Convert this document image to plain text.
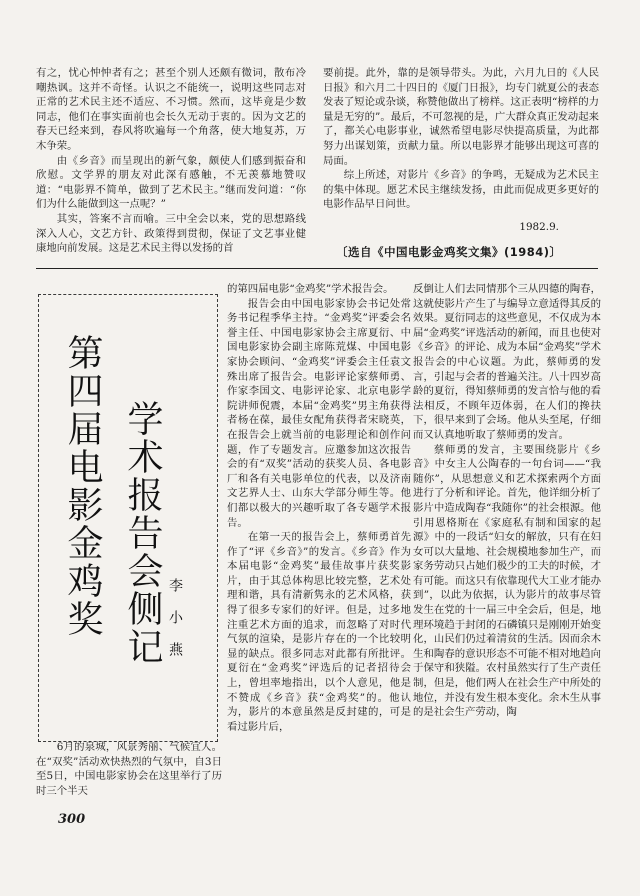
有之，忧心忡忡者有之；甚至个别人还颇有微词，散布冷嘲热讽。这并不奇怪。认识之不能统一，说明这些同志对正常的艺术民主还不适应、不习惯。然而，这毕竟是少数同志，他们在事实面前也会长久无动于衷的。因为文艺的春天已经来到，春风将吹遍每一个角落，使大地复苏，万木争荣。

由《乡音》而呈现出的新气象，颇使人们感到振奋和欣慰。文学界的朋友对此深有感触，不无羡慕地赞叹道：“电影界不简单，做到了艺术民主。”继而发问道：“你们为什么能做到这一点呢？”

其实，答案不言而喻。三中全会以来，党的思想路线深入人心，文艺方针、政策得到贯彻，保证了文艺事业健康地向前发展。这是艺术民主得以发扬的首

要前提。此外，靠的是领导带头。为此，六月九日的《人民日报》和六月二十四日的《厦门日报》，均专门就夏公的表态发表了短论或杂谈，称赞他做出了榜样。这正表明“榜样的力量是无穷的”。最后，不可忽视的是，广大群众真正发动起来了，都关心电影事业，诚然希望电影尽快提高质量，为此都努力出谋划策，贡献力量。所以电影界才能够出现这可喜的局面。

综上所述，对影片《乡音》的争鸣，无疑成为艺术民主的集中体现。愿艺术民主继续发扬，由此而促成更多更好的电影作品早日问世。

1982.9.

〔选自《中国电影金鸡奖文集》(1984)〕
第四届电影金鸡奖 学术报告会侧记 李小燕

6月的泉城，风景秀丽、气候宜人。在“双奖”活动欢快热烈的气氛中，自3日至5日，中国电影家协会在这里举行了历时三个半天

的第四届电影“金鸡奖”学术报告会。

报告会由中国电影家协会书记处常务书记程季华主持。“金鸡奖”评委会名誉主任、中国电影家协会主席夏衍、中国电影家协会副主席陈荒煤、中国电影家协会顾问、“金鸡奖”评委会主任袁文殊出席了报告会。电影评论家蔡师勇、作家李国文、电影评论家、北京电影学院讲师倪震，本届“金鸡奖”男主角获得者杨在葆，最佳女配角获得者宋晓英，在报告会上就当前的电影理论和创作问题，作了专题发言。应邀参加这次报告会的有“双奖”活动的获奖人员、各电影厂和各有关电影单位的代表，以及济南文艺界人士、山东大学部分师生等。他们都以极大的兴趣听取了各专题学术报告。

在第一天的报告会上，蔡师勇首先作了“评《乡音》”的发言。《乡音》作为本届电影“金鸡奖”最佳故事片获奖影片，由于其总体构思比较完整，艺术处理和谐，具有清新隽永的艺术风格，获得了很多专家们的好评。但是，过多地注重艺术方面的追求，而忽略了对时代气氛的渲染，是影片存在的一个比较明显的缺点。很多同志对此都有所批评。夏衍在“金鸡奖”评选后的记者招待会上，曾坦率地指出，以个人意见，他是不赞成《乡音》获“金鸡奖”的。他认为，影片的本意虽然是反封建的，可是看过影片后，

反倒让人们去同情那个三从四德的陶春，这就使影片产生了与编导立意适得其反的效果。夏衍同志的这些意见，不仅成为本届“金鸡奖”评选活动的新闻，而且也使对《乡音》的评论、成为本届“金鸡奖”学术报告会的中心议题。为此，蔡师勇的发言，引起与会者的普遍关注。八十四岁高龄的夏衍，得知蔡师勇的发言恰与他的看法相反，不顾年迈体弱，在人们的搀扶下，很早来到了会场。他从头至尾，仔细而又认真地听取了蔡师勇的发言。

蔡师勇的发言，主要围绕影片《乡音》中女主人公陶春的一句台词——“我随你”，从思想意义和艺术探索两个方面进行了分析和评论。首先，他详细分析了影片中造成陶春“我随你”的社会根源。他引用恩格斯在《家庭私有制和国家的起源》中的一段话“妇女的解放，只有在妇女可以大量地、社会规模地参加生产，而家务劳动只占她们极少的工夫的时候，才有可能。而这只有依靠现代大工业才能办到”，以此为依据，认为影片的故事尽管发生在党的十一届三中全会后，但是，地理环境趋于封闭的石磷镇只是刚刚开始变化，山民们仍过着清贫的生活。因而余木生和陶春的意识形态不可能不相对地趋向于保守和狭隘。农村虽然实行了生产责任制，但是，他们两人在社会生产中所处的地位，并没有发生根本变化。余木生从事的是社会生产劳动，陶

300
